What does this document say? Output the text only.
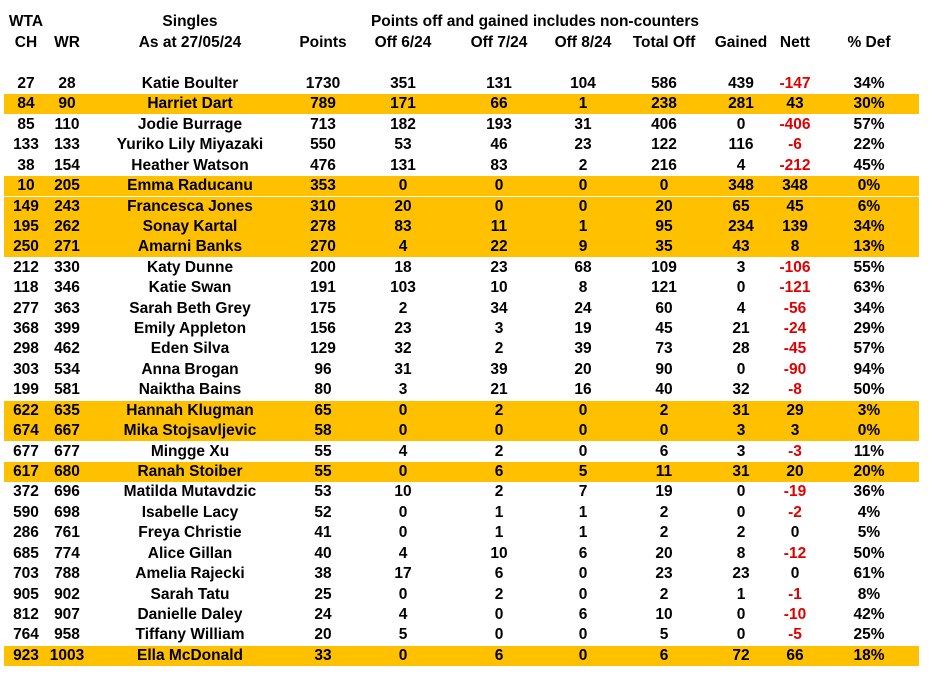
WTA	Singles	Points off and gained includes non-counters
CH	WR	As at 27/05/24	Points	Off 6/24	Off 7/24	Off 8/24	Total Off	Gained Nett	% Def
27	28	Katie Boulter	1730	351	131	104	586	439	-147	34%
84	90	Harriet Dart	789	171	66	1	238	281	43	30%
85	110	Jodie Burrage	713	182	193	31	406	0	-406	57%
133 133	Yuriko Lily Miyazaki	550	53	46	23	122	116	-6	22%
38	154	Heather Watson	476	131	83	2	216	4	-212	45%
10	205	Emma Raducanu	353	0	0	0	0	348	348	0%
149 243	Francesca Jones	310	20	0	0	20	65	45	6%
195 262	Sonay Kartal	278	83	11	1	95	234	139	34%
250 271	Amarni Banks	270	4	22	9	35	43	8	13%
212 330	Katy Dunne	200	18	23	68	109	3	-106	55%
118	346	Katie Swan	191	103	10	8	121	0	-121	63%
277 363	Sarah Beth Grey	175	2	34	24	60	4	-56	34%
368 399	Emily Appleton	156	23	3	19	45	21	-24	29%
298 462	Eden Silva	129	32	2	39	73	28	-45	57%
303 534	Anna Brogan	96	31	39	20	90	0	-90	94%
199 581	Naiktha Bains	80	3	21	16	40	32	-8	50%
622 635	Hannah Klugman	65	0	2	0	2	31	29	3%
674 667	Mika Stojsavljevic	58	0	0	0	0	3	3	0%
677 677	Mingge Xu	55	4	2	0	6	3	-3	11%
617 680	Ranah Stoiber	55	0	6	5	11	31	20	20%
372 696	Matilda Mutavdzic	53	10	2	7	19	0	-19	36%
590 698	Isabelle Lacy	52	0	1	1	2	0	-2	4%
286 761	Freya Christie	41	0	1	1	2	2	0	5%
685 774	Alice Gillan	40	4	10	6	20	8	-12	50%
703 788	Amelia Rajecki	38	17	6	0	23	23	0	61%
905 902	Sarah Tatu	25	0	2	0	2	1	-1	8%
812 907	Danielle Daley	24	4	0	6	10	0	-10	42%
764 958	Tiffany William	20	5	0	0	5	0	-5	25%
923 1003	Ella McDonald	33	0	6	0	6	72	66	18%
